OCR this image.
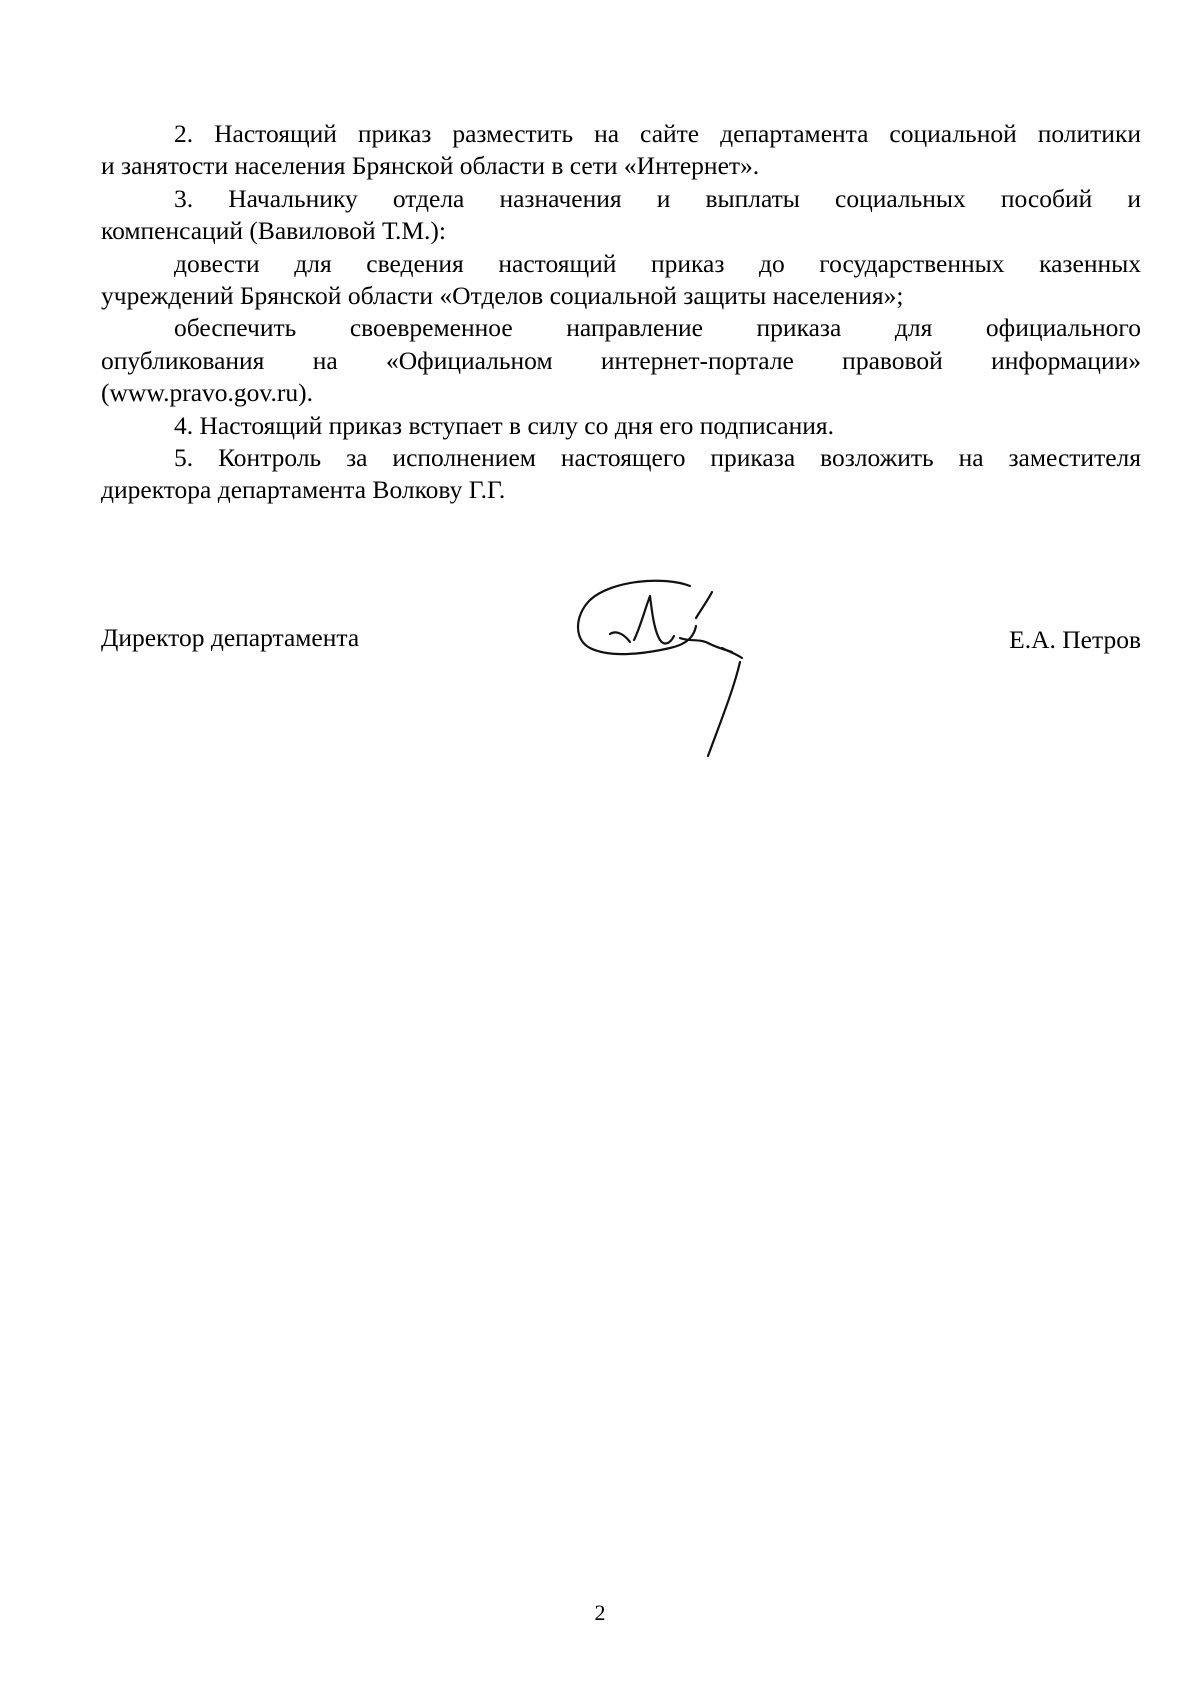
2. Настоящий приказ разместить на сайте департамента социальной политики
и занятости населения Брянской области в сети «Интернет».
3. Начальнику отдела назначения и выплаты социальных пособий и
компенсаций (Вавиловой Т.М.):
довести для сведения настоящий приказ до государственных казенных
учреждений Брянской области «Отделов социальной защиты населения»;
обеспечить своевременное направление приказа для официального
опубликования на «Официальном интернет-портале правовой информации»
(www.pravo.gov.ru).
4. Настоящий приказ вступает в силу со дня его подписания.
5. Контроль за исполнением настоящего приказа возложить на заместителя
директора департамента Волкову Г.Г.
Директор департамента	Е.А. Петров
2
